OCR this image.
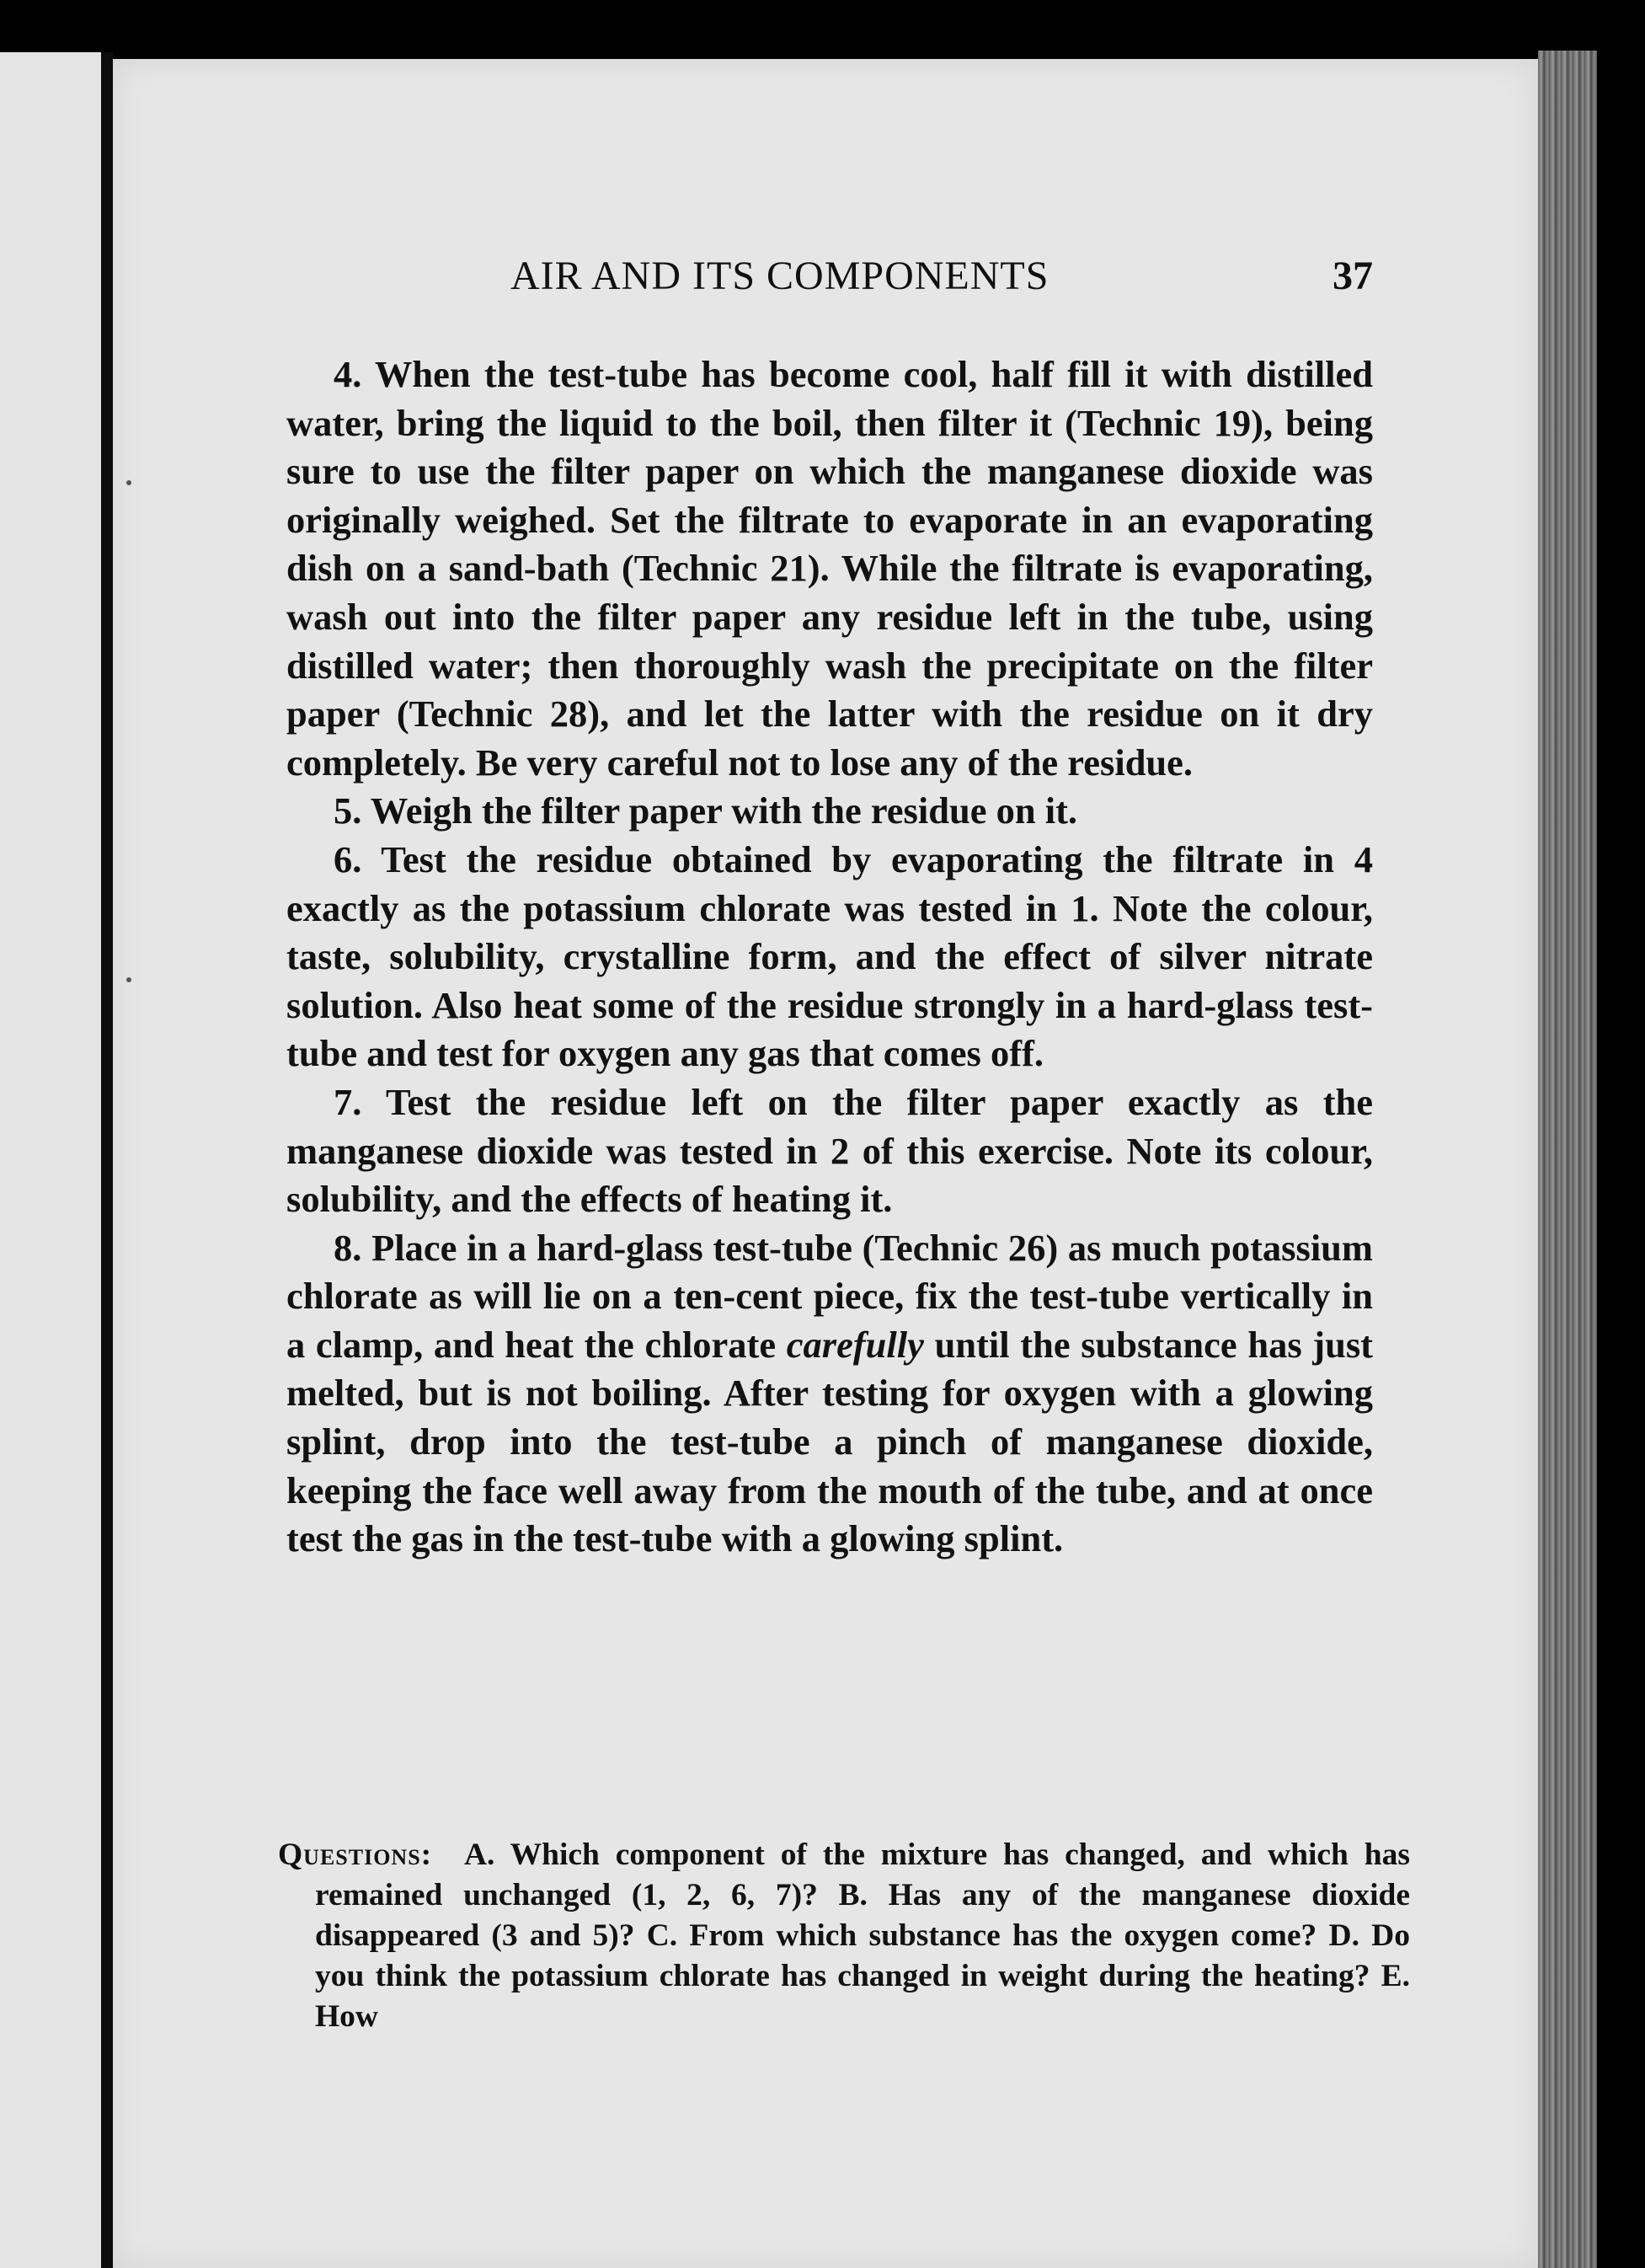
AIR AND ITS COMPONENTS	37

4. When the test-tube has become cool, half fill it with distilled water, bring the liquid to the boil, then filter it (Technic 19), being sure to use the filter paper on which the manganese dioxide was originally weighed. Set the filtrate to evaporate in an evaporating dish on a sand-bath (Technic 21). While the filtrate is evaporating, wash out into the filter paper any residue left in the tube, using distilled water; then thoroughly wash the precipitate on the filter paper (Technic 28), and let the latter with the residue on it dry completely. Be very careful not to lose any of the residue.

5. Weigh the filter paper with the residue on it.

6. Test the residue obtained by evaporating the filtrate in 4 exactly as the potassium chlorate was tested in 1. Note the colour, taste, solubility, crystalline form, and the effect of silver nitrate solution. Also heat some of the residue strongly in a hard-glass test-tube and test for oxygen any gas that comes off.

7. Test the residue left on the filter paper exactly as the manganese dioxide was tested in 2 of this exercise. Note its colour, solubility, and the effects of heating it.

8. Place in a hard-glass test-tube (Technic 26) as much potassium chlorate as will lie on a ten-cent piece, fix the test-tube vertically in a clamp, and heat the chlorate carefully until the substance has just melted, but is not boiling. After testing for oxygen with a glowing splint, drop into the test-tube a pinch of manganese dioxide, keeping the face well away from the mouth of the tube, and at once test the gas in the test-tube with a glowing splint.

Questions: A. Which component of the mixture has changed, and which has remained unchanged (1, 2, 6, 7)? B. Has any of the manganese dioxide disappeared (3 and 5)? C. From which substance has the oxygen come? D. Do you think the potassium chlorate has changed in weight during the heating? E. How
